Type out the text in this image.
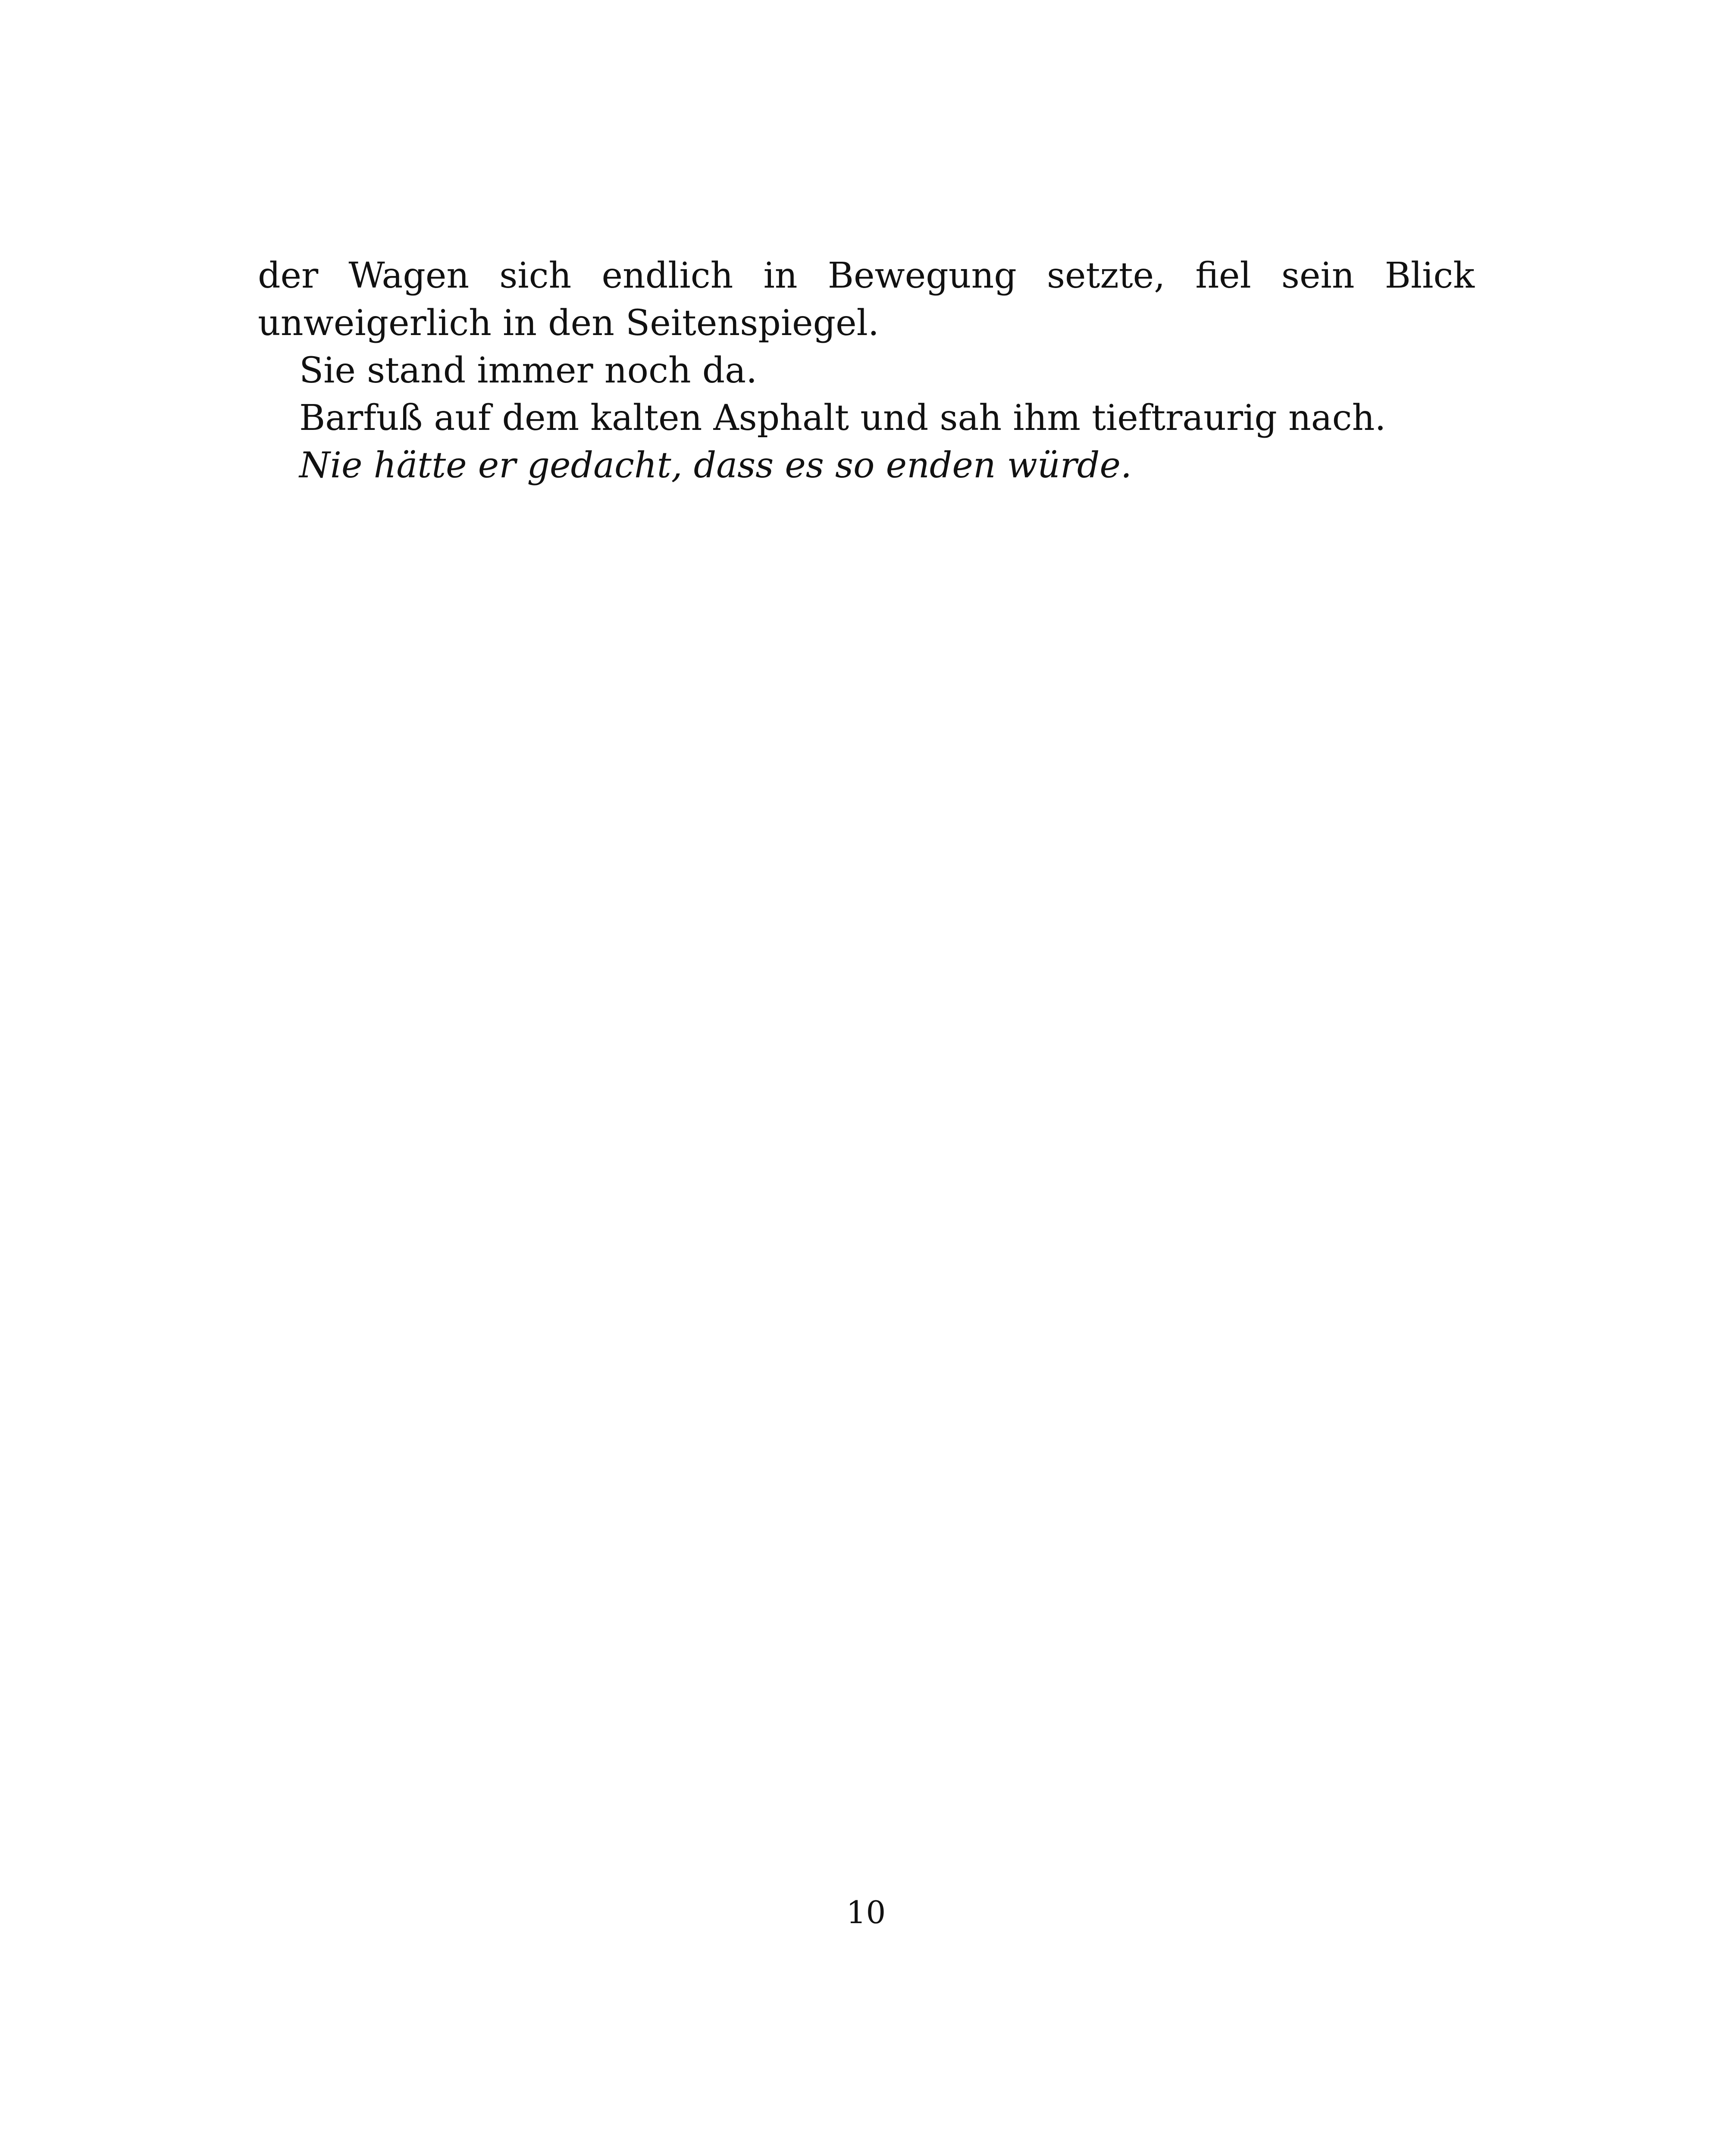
der Wagen sich endlich in Bewegung setzte, fiel sein Blick unweigerlich in den Seitenspiegel.

Sie stand immer noch da.

Barfuß auf dem kalten Asphalt und sah ihm tieftraurig nach.

Nie hätte er gedacht, dass es so enden würde.

10
